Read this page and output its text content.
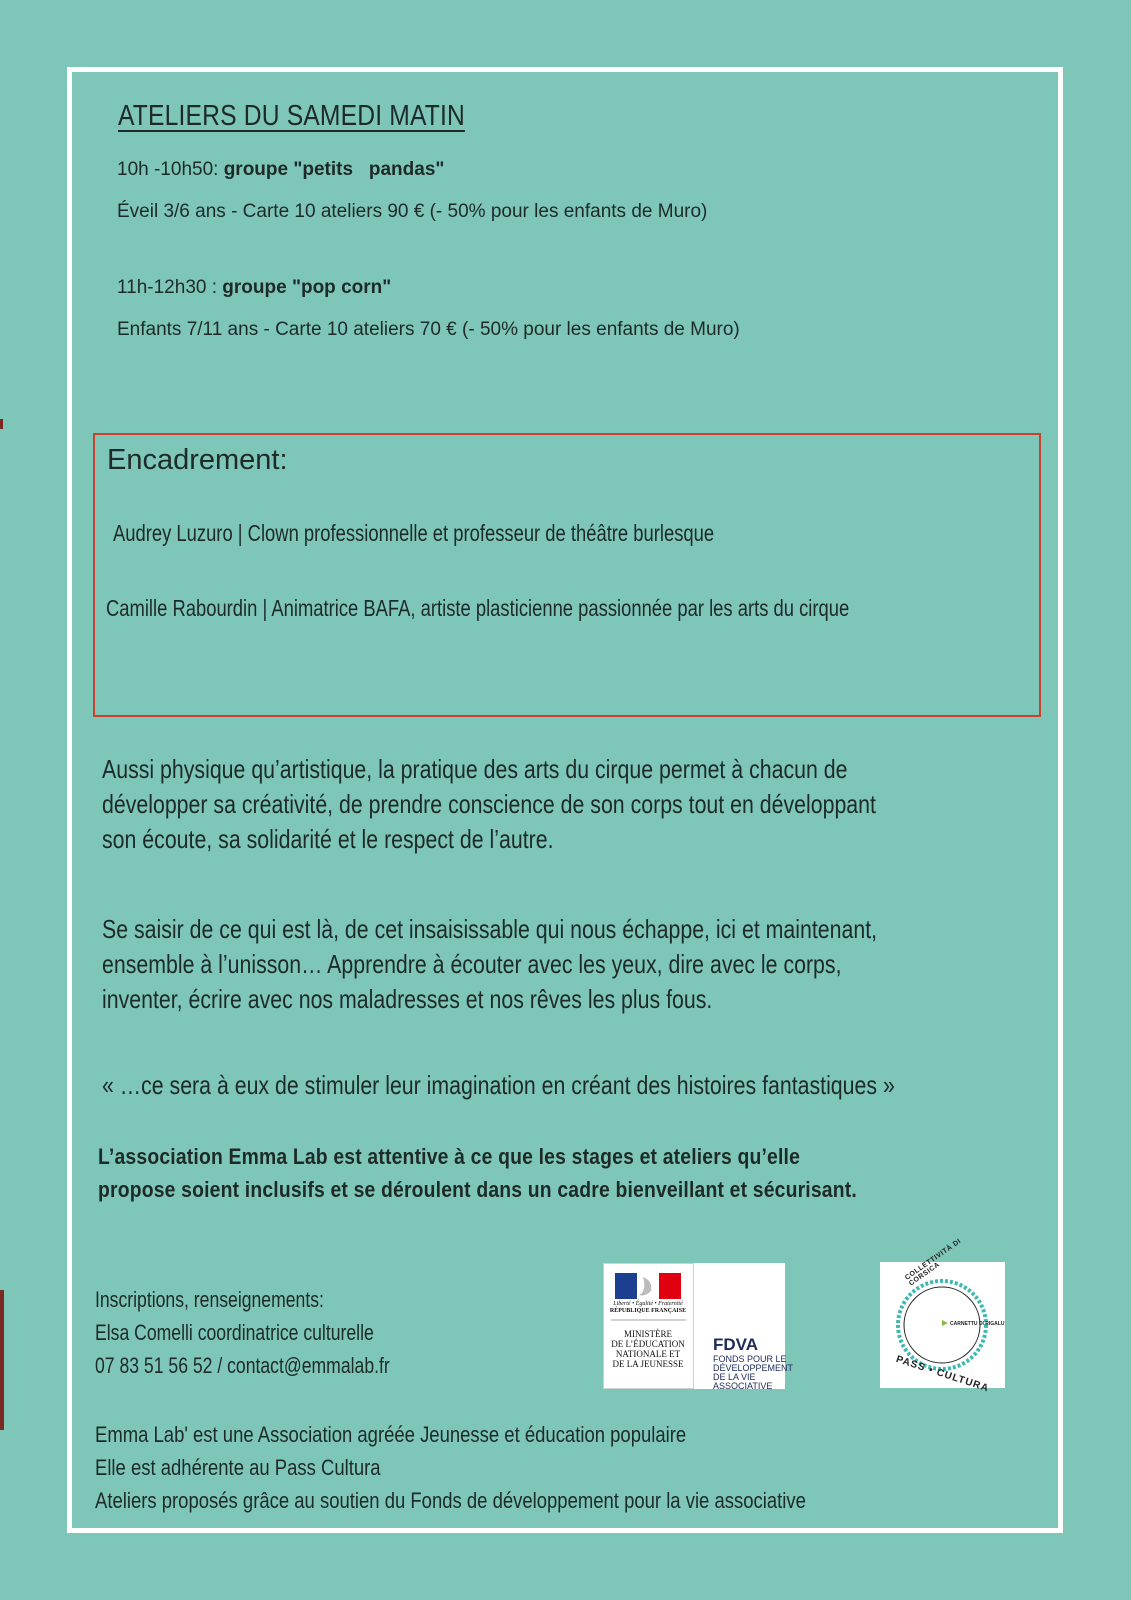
ATELIERS DU SAMEDI MATIN
10h -10h50: groupe "petits   pandas"
Éveil 3/6 ans - Carte 10 ateliers 90 € (- 50% pour les enfants de Muro)
11h-12h30 : groupe "pop corn"
Enfants 7/11 ans - Carte 10 ateliers 70 € (- 50% pour les enfants de Muro)
Encadrement:
Audrey Luzuro | Clown professionnelle et professeur de théâtre burlesque
Camille Rabourdin | Animatrice BAFA, artiste plasticienne passionnée par les arts du cirque
Aussi physique qu’artistique, la pratique des arts du cirque permet à chacun de
développer sa créativité, de prendre conscience de son corps tout en développant
son écoute, sa solidarité et le respect de l’autre.
Se saisir de ce qui est là, de cet insaisissable qui nous échappe, ici et maintenant,
ensemble à l’unisson… Apprendre à écouter avec les yeux, dire avec le corps,
inventer, écrire avec nos maladresses et nos rêves les plus fous.
« …ce sera à eux de stimuler leur imagination en créant des histoires fantastiques »
L’association Emma Lab est attentive à ce que les stages et ateliers qu’elle
propose soient inclusifs et se déroulent dans un cadre bienveillant et sécurisant.
Inscriptions, renseignements:
Elsa Comelli coordinatrice culturelle
07 83 51 56 52 / contact@emmalab.fr
Liberté • Égalité • Fraternité
RÉPUBLIQUE FRANÇAISE
MINISTÈRE
DE L’ÉDUCATION
NATIONALE ET
DE LA JEUNESSE
FDVA
FONDS POUR LE
DÉVELOPPEMENT
DE LA VIE
ASSOCIATIVE
COLLETTIVITÀ DI CORSICA
CARNETTU DI RIGALU
PASS • CULTURA
Emma Lab' est une Association agréée Jeunesse et éducation populaire
Elle est adhérente au Pass Cultura
Ateliers proposés grâce au soutien du Fonds de développement pour la vie associative
